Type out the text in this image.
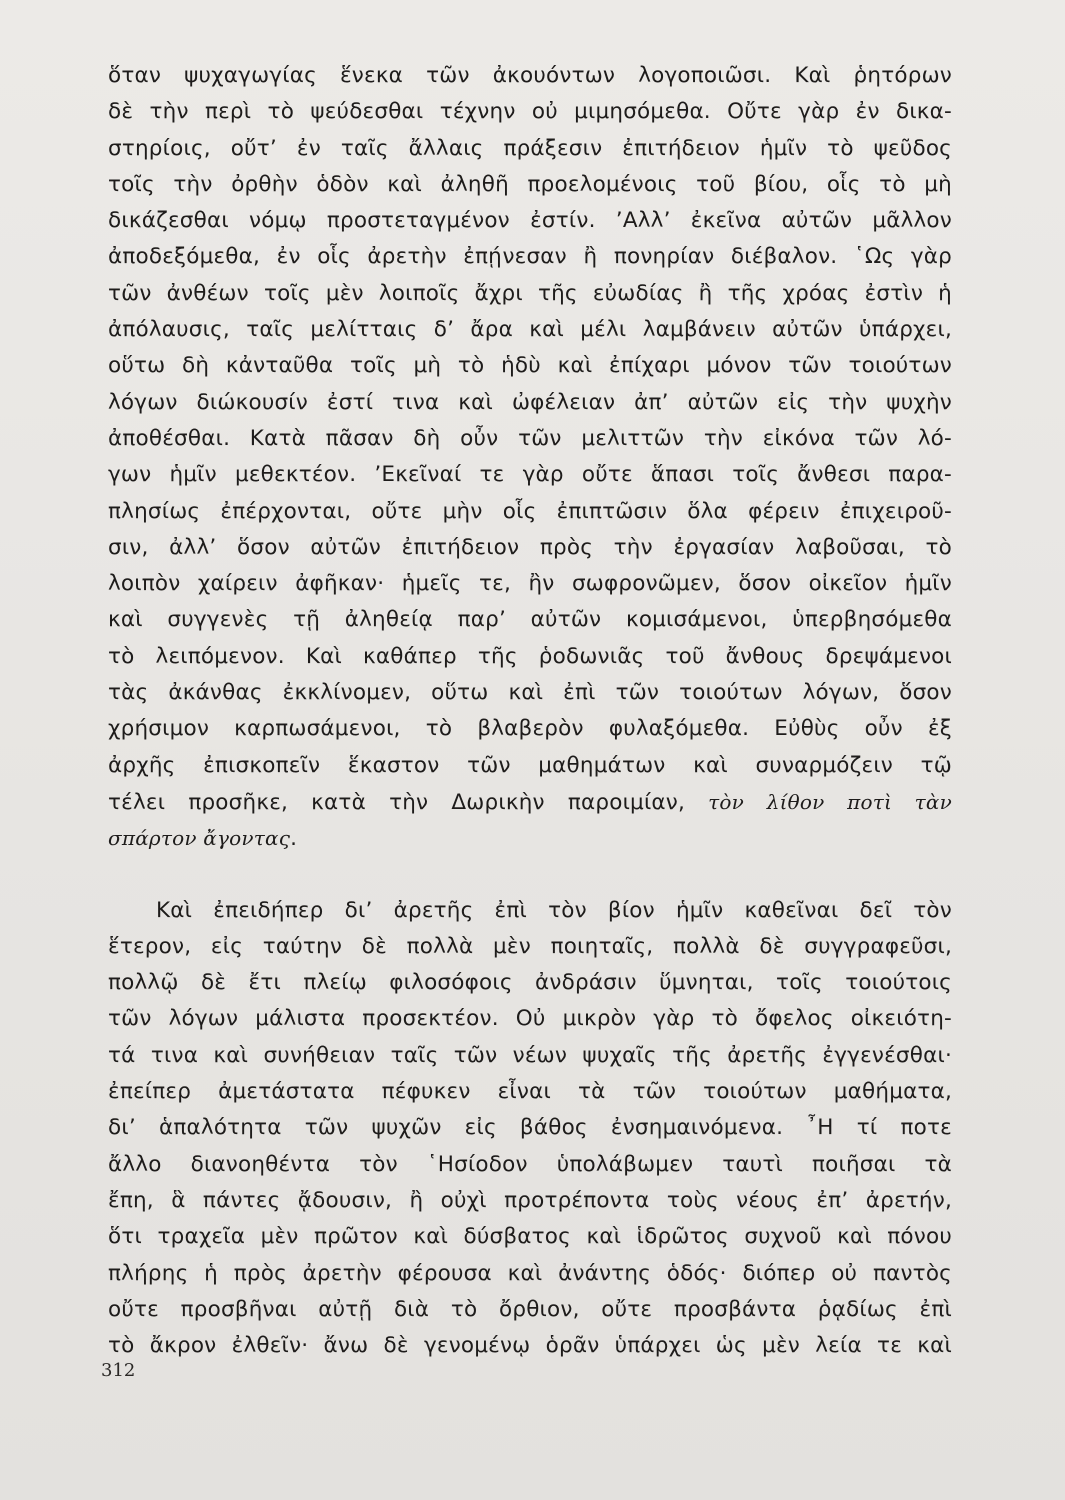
ὅταν ψυχαγωγίας ἕνεκα τῶν ἀκουόντων λογοποιῶσι. Καὶ ῥητόρων
δὲ τὴν περὶ τὸ ψεύδεσθαι τέχνην οὐ μιμησόμεθα. Οὔτε γὰρ ἐν δικα-
στηρίοις, οὔτ’ ἐν ταῖς ἄλλαις πράξεσιν ἐπιτήδειον ἡμῖν τὸ ψεῦδος
τοῖς τὴν ὀρθὴν ὁδὸν καὶ ἀληθῆ προελομένοις τοῦ βίου, οἷς τὸ μὴ
δικάζεσθαι νόμῳ προστεταγμένον ἐστίν. ’Αλλ’ ἐκεῖνα αὐτῶν μᾶλλον
ἀποδεξόμεθα, ἐν οἷς ἀρετὴν ἐπῄνεσαν ἢ πονηρίαν διέβαλον. ῾Ως γὰρ
τῶν ἀνθέων τοῖς μὲν λοιποῖς ἄχρι τῆς εὐωδίας ἢ τῆς χρόας ἐστὶν ἡ
ἀπόλαυσις, ταῖς μελίτταις δ’ ἄρα καὶ μέλι λαμβάνειν αὐτῶν ὑπάρχει,
οὕτω δὴ κἀνταῦθα τοῖς μὴ τὸ ἡδὺ καὶ ἐπίχαρι μόνον τῶν τοιούτων
λόγων διώκουσίν ἐστί τινα καὶ ὠφέλειαν ἀπ’ αὐτῶν εἰς τὴν ψυχὴν
ἀποθέσθαι. Κατὰ πᾶσαν δὴ οὖν τῶν μελιττῶν τὴν εἰκόνα τῶν λό-
γων ἡμῖν μεθεκτέον. ’Εκεῖναί τε γὰρ οὔτε ἅπασι τοῖς ἄνθεσι παρα-
πλησίως ἐπέρχονται, οὔτε μὴν οἷς ἐπιπτῶσιν ὅλα φέρειν ἐπιχειροῦ-
σιν, ἀλλ’ ὅσον αὐτῶν ἐπιτήδειον πρὸς τὴν ἐργασίαν λαβοῦσαι, τὸ
λοιπὸν χαίρειν ἀφῆκαν· ἡμεῖς τε, ἢν σωφρονῶμεν, ὅσον οἰκεῖον ἡμῖν
καὶ συγγενὲς τῇ ἀληθείᾳ παρ’ αὐτῶν κομισάμενοι, ὑπερβησόμεθα
τὸ λειπόμενον. Καὶ καθάπερ τῆς ῥοδωνιᾶς τοῦ ἄνθους δρεψάμενοι
τὰς ἀκάνθας ἐκκλίνομεν, οὕτω καὶ ἐπὶ τῶν τοιούτων λόγων, ὅσον
χρήσιμον καρπωσάμενοι, τὸ βλαβερὸν φυλαξόμεθα. Εὐθὺς οὖν ἐξ
ἀρχῆς ἐπισκοπεῖν ἕκαστον τῶν μαθημάτων καὶ συναρμόζειν τῷ
τέλει προσῆκε, κατὰ τὴν Δωρικὴν παροιμίαν, τὸν λίθον ποτὶ τὰν
σπάρτον ἄγοντας.
Καὶ ἐπειδήπερ δι’ ἀρετῆς ἐπὶ τὸν βίον ἡμῖν καθεῖναι δεῖ τὸν
ἕτερον, εἰς ταύτην δὲ πολλὰ μὲν ποιηταῖς, πολλὰ δὲ συγγραφεῦσι,
πολλῷ δὲ ἔτι πλείῳ φιλοσόφοις ἀνδράσιν ὕμνηται, τοῖς τοιούτοις
τῶν λόγων μάλιστα προσεκτέον. Οὐ μικρὸν γὰρ τὸ ὄφελος οἰκειότη-
τά τινα καὶ συνήθειαν ταῖς τῶν νέων ψυχαῖς τῆς ἀρετῆς ἐγγενέσθαι·
ἐπείπερ ἀμετάστατα πέφυκεν εἶναι τὰ τῶν τοιούτων μαθήματα,
δι’ ἁπαλότητα τῶν ψυχῶν εἰς βάθος ἐνσημαινόμενα. ῏Η τί ποτε
ἄλλο διανοηθέντα τὸν ῾Ησίοδον ὑπολάβωμεν ταυτὶ ποιῆσαι τὰ
ἔπη, ἃ πάντες ᾄδουσιν, ἢ οὐχὶ προτρέποντα τοὺς νέους ἐπ’ ἀρετήν,
ὅτι τραχεῖα μὲν πρῶτον καὶ δύσβατος καὶ ἱδρῶτος συχνοῦ καὶ πόνου
πλήρης ἡ πρὸς ἀρετὴν φέρουσα καὶ ἀνάντης ὁδός· διόπερ οὐ παντὸς
οὔτε προσβῆναι αὐτῇ διὰ τὸ ὄρθιον, οὔτε προσβάντα ῥᾳδίως ἐπὶ
τὸ ἄκρον ἐλθεῖν· ἄνω δὲ γενομένῳ ὁρᾶν ὑπάρχει ὡς μὲν λεία τε καὶ
312
